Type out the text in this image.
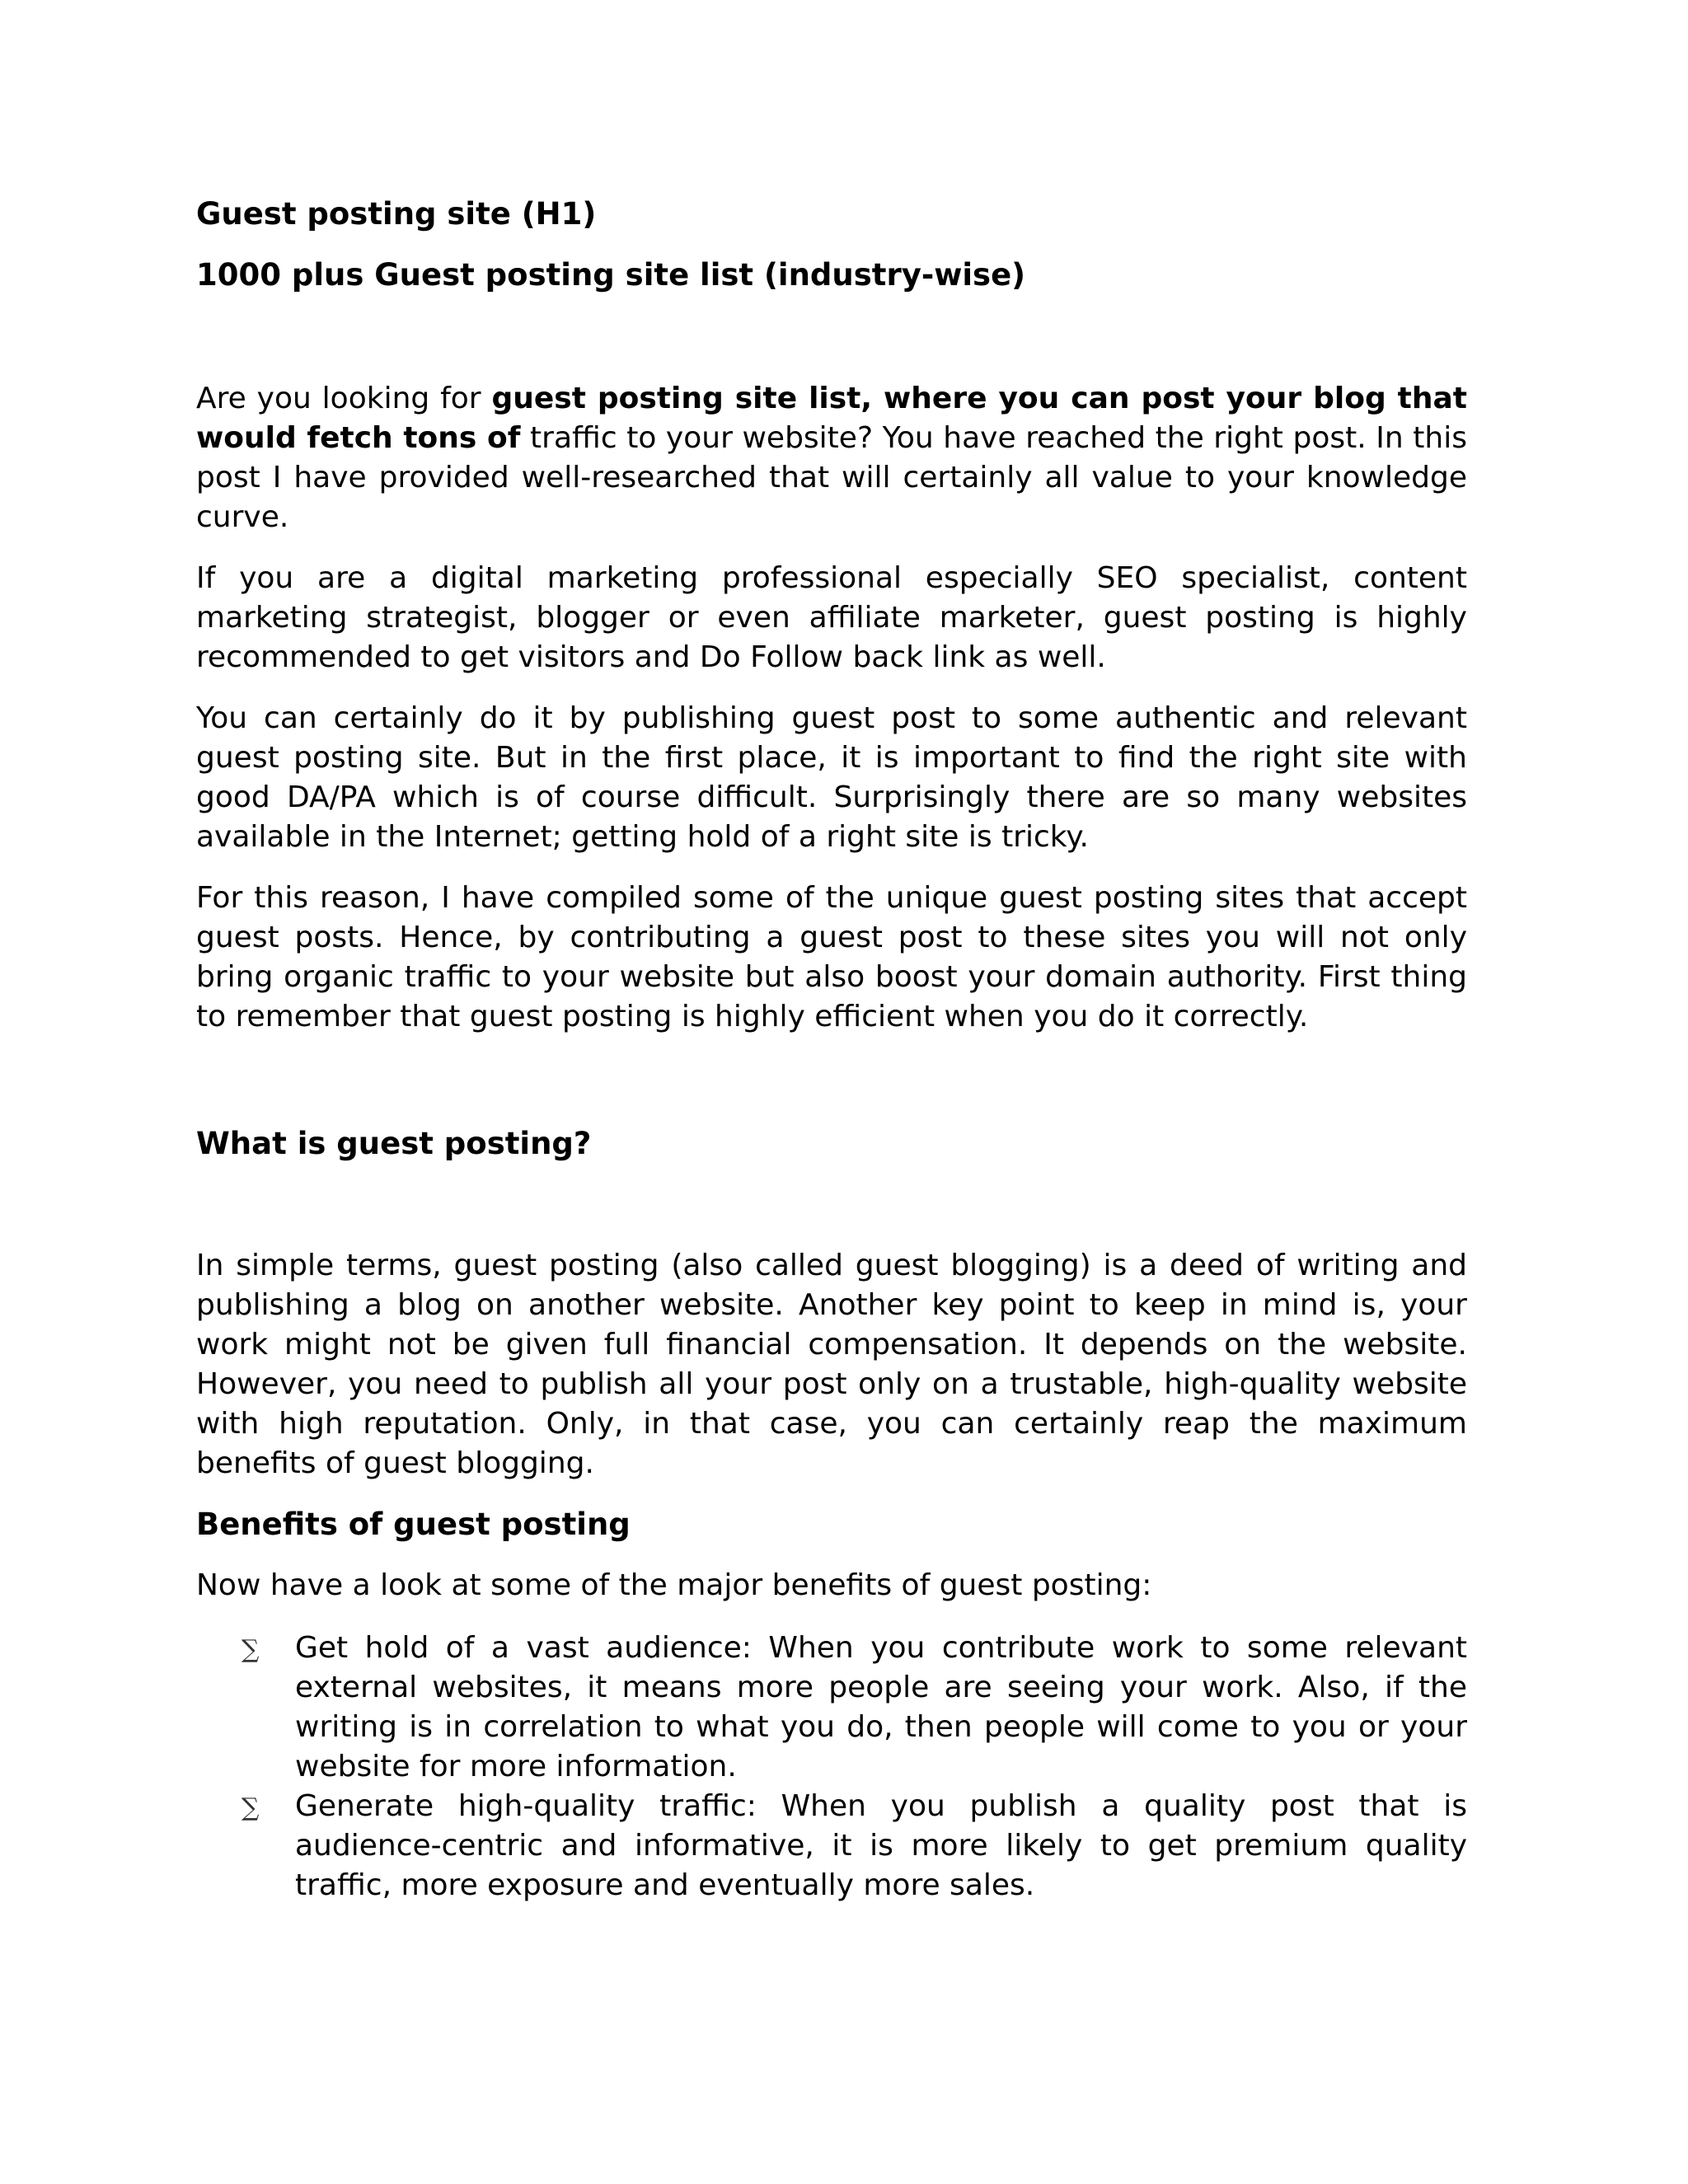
Guest posting site (H1)
1000 plus Guest posting site list (industry-wise)
Are you looking for guest posting site list, where you can post your blog that would fetch tons of traffic to your website? You have reached the right post. In this post I have provided well-researched that will certainly all value to your knowledge curve.
If you are a digital marketing professional especially SEO specialist, content marketing strategist, blogger or even affiliate marketer, guest posting is highly recommended to get visitors and Do Follow back link as well.
You can certainly do it by publishing guest post to some authentic and relevant guest posting site. But in the first place, it is important to find the right site with good DA/PA which is of course difficult. Surprisingly there are so many websites available in the Internet; getting hold of a right site is tricky.
For this reason, I have compiled some of the unique guest posting sites that accept guest posts. Hence, by contributing a guest post to these sites you will not only bring organic traffic to your website but also boost your domain authority. First thing to remember that guest posting is highly efficient when you do it correctly.
What is guest posting?
In simple terms, guest posting (also called guest blogging) is a deed of writing and publishing a blog on another website. Another key point to keep in mind is, your work might not be given full financial compensation. It depends on the website. However, you need to publish all your post only on a trustable, high-quality website with high reputation. Only, in that case, you can certainly reap the maximum benefits of guest blogging.
Benefits of guest posting
Now have a look at some of the major benefits of guest posting:
∑ Get hold of a vast audience: When you contribute work to some relevant external websites, it means more people are seeing your work. Also, if the writing is in correlation to what you do, then people will come to you or your website for more information.
∑ Generate high-quality traffic: When you publish a quality post that is audience-centric and informative, it is more likely to get premium quality traffic, more exposure and eventually more sales.
